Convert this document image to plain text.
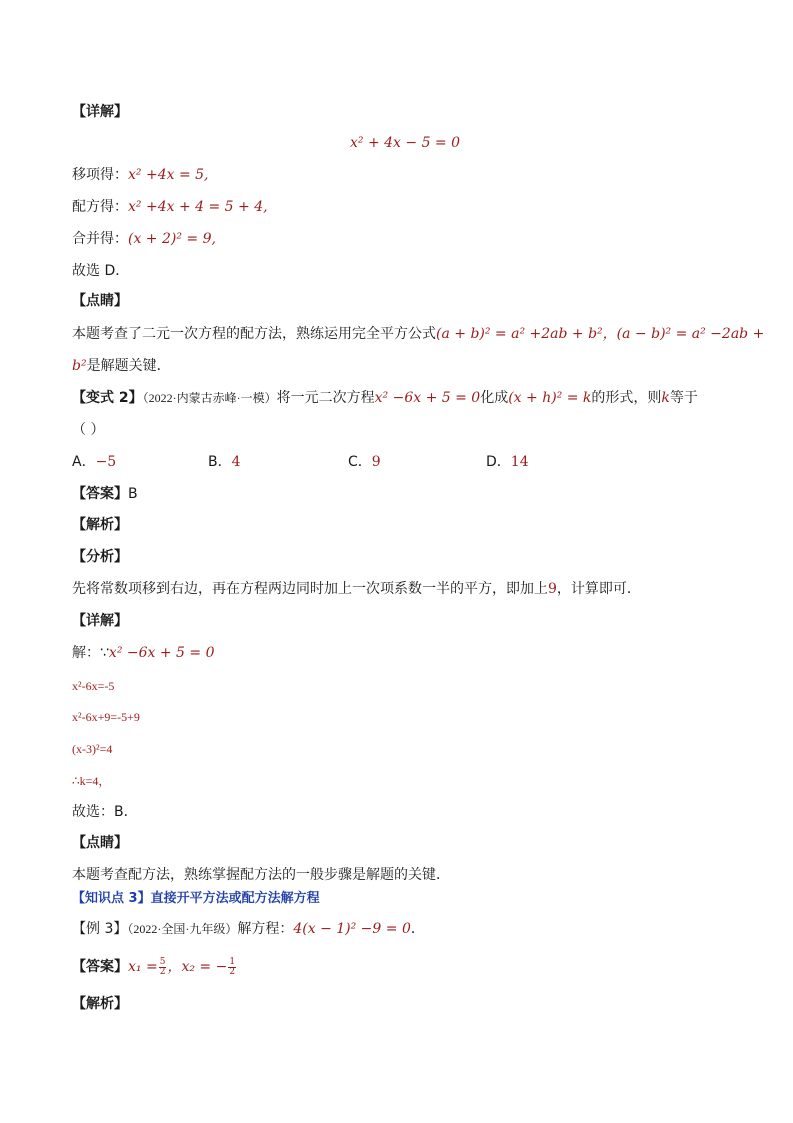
【详解】
x² + 4x − 5 = 0
移项得：x² +4x = 5,
配方得：x² +4x + 4 = 5 + 4,
合并得：(x + 2)² = 9,
故选 D．
【点睛】
本题考查了二元一次方程的配方法，熟练运用完全平方公式(a + b)² = a² +2ab + b²，(a − b)² = a² −2ab +
b²是解题关键．
【变式 2】（2022·内蒙古赤峰·一模）将一元二次方程x² −6x + 5 = 0化成(x + h)² = k的形式，则k等于
（ ）
A．−5	B．4	C．9	D．14
【答案】B
【解析】
【分析】
先将常数项移到右边，再在方程两边同时加上一次项系数一半的平方，即加上9，计算即可．
【详解】
解：∵x² −6x + 5 = 0
x²-6x=-5
x²-6x+9=-5+9
(x-3)²=4
∴k=4，
故选：B．
【点睛】
本题考查配方法，熟练掌握配方法的一般步骤是解题的关键．
【知识点 3】直接开平方法或配方法解方程
【例 3】（2022·全国·九年级）解方程：4(x − 1)² −9 = 0．
【答案】$x_1 = \frac{5}{2}$ ，x₂ = − $\frac{1}{2}$
【解析】
